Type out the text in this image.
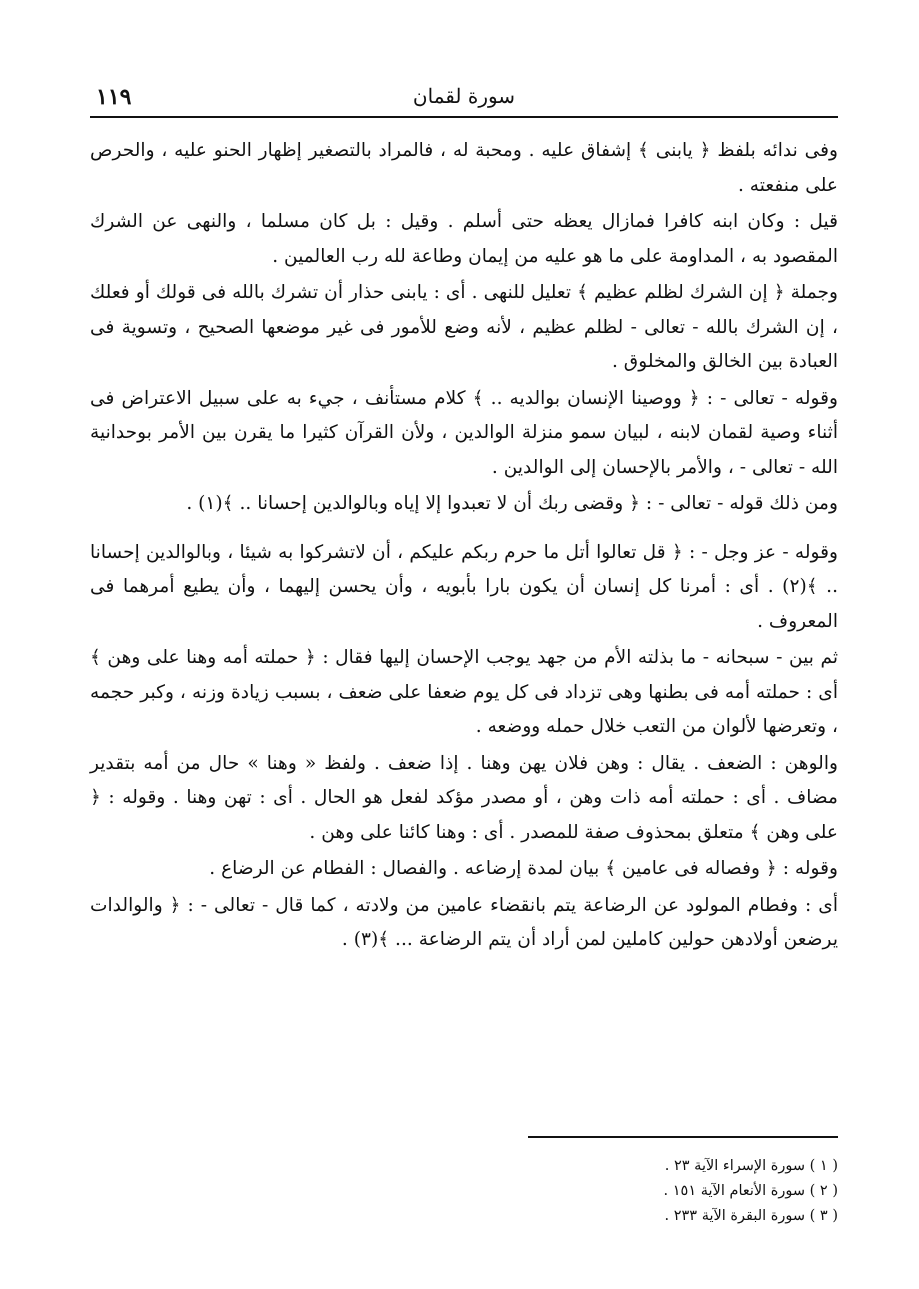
١١٩	سورة لقمان

وفى ندائه بلفظ ﴿ يابنى ﴾ إشفاق عليه . ومحبة له ، فالمراد بالتصغير إظهار الحنو عليه ، والحرص على منفعته .

قيل : وكان ابنه كافرا فمازال يعظه حتى أسلم . وقيل : بل كان مسلما ، والنهى عن الشرك المقصود به ، المداومة على ما هو عليه من إيمان وطاعة لله رب العالمين .

وجملة ﴿ إن الشرك لظلم عظيم ﴾ تعليل للنهى . أى : يابنى حذار أن تشرك بالله فى قولك أو فعلك ، إن الشرك بالله - تعالى - لظلم عظيم ، لأنه وضع للأمور فى غير موضعها الصحيح ، وتسوية فى العبادة بين الخالق والمخلوق .

وقوله - تعالى - : ﴿ ووصينا الإنسان بوالديه .. ﴾ كلام مستأنف ، جيء به على سبيل الاعتراض فى أثناء وصية لقمان لابنه ، لبيان سمو منزلة الوالدين ، ولأن القرآن كثيرا ما يقرن بين الأمر بوحدانية الله - تعالى - ، والأمر بالإحسان إلى الوالدين .

ومن ذلك قوله - تعالى - : ﴿ وقضى ربك أن لا تعبدوا إلا إياه وبالوالدين إحسانا .. ﴾(١) .

وقوله - عز وجل - : ﴿ قل تعالوا أتل ما حرم ربكم عليكم ، أن لاتشركوا به شيئا ، وبالوالدين إحسانا .. ﴾(٢) . أى : أمرنا كل إنسان أن يكون بارا بأبويه ، وأن يحسن إليهما ، وأن يطيع أمرهما فى المعروف .

ثم بين - سبحانه - ما بذلته الأم من جهد يوجب الإحسان إليها فقال : ﴿ حملته أمه وهنا على وهن ﴾ أى : حملته أمه فى بطنها وهى تزداد فى كل يوم ضعفا على ضعف ، بسبب زيادة وزنه ، وكبر حجمه ، وتعرضها لألوان من التعب خلال حمله ووضعه .

والوهن : الضعف . يقال : وهن فلان يهن وهنا . إذا ضعف . ولفظ « وهنا » حال من أمه بتقدير مضاف . أى : حملته أمه ذات وهن ، أو مصدر مؤكد لفعل هو الحال . أى : تهن وهنا . وقوله : ﴿ على وهن ﴾ متعلق بمحذوف صفة للمصدر . أى : وهنا كائنا على وهن .

وقوله : ﴿ وفصاله فى عامين ﴾ بيان لمدة إرضاعه . والفصال : الفطام عن الرضاع .

أى : وفطام المولود عن الرضاعة يتم بانقضاء عامين من ولادته ، كما قال - تعالى - : ﴿ والوالدات يرضعن أولادهن حولين كاملين لمن أراد أن يتم الرضاعة ... ﴾(٣) .

( ١ ) سورة الإسراء الآية ٢٣ .

( ٢ ) سورة الأنعام الآية ١٥١ .

( ٣ ) سورة البقرة الآية ٢٣٣ .
